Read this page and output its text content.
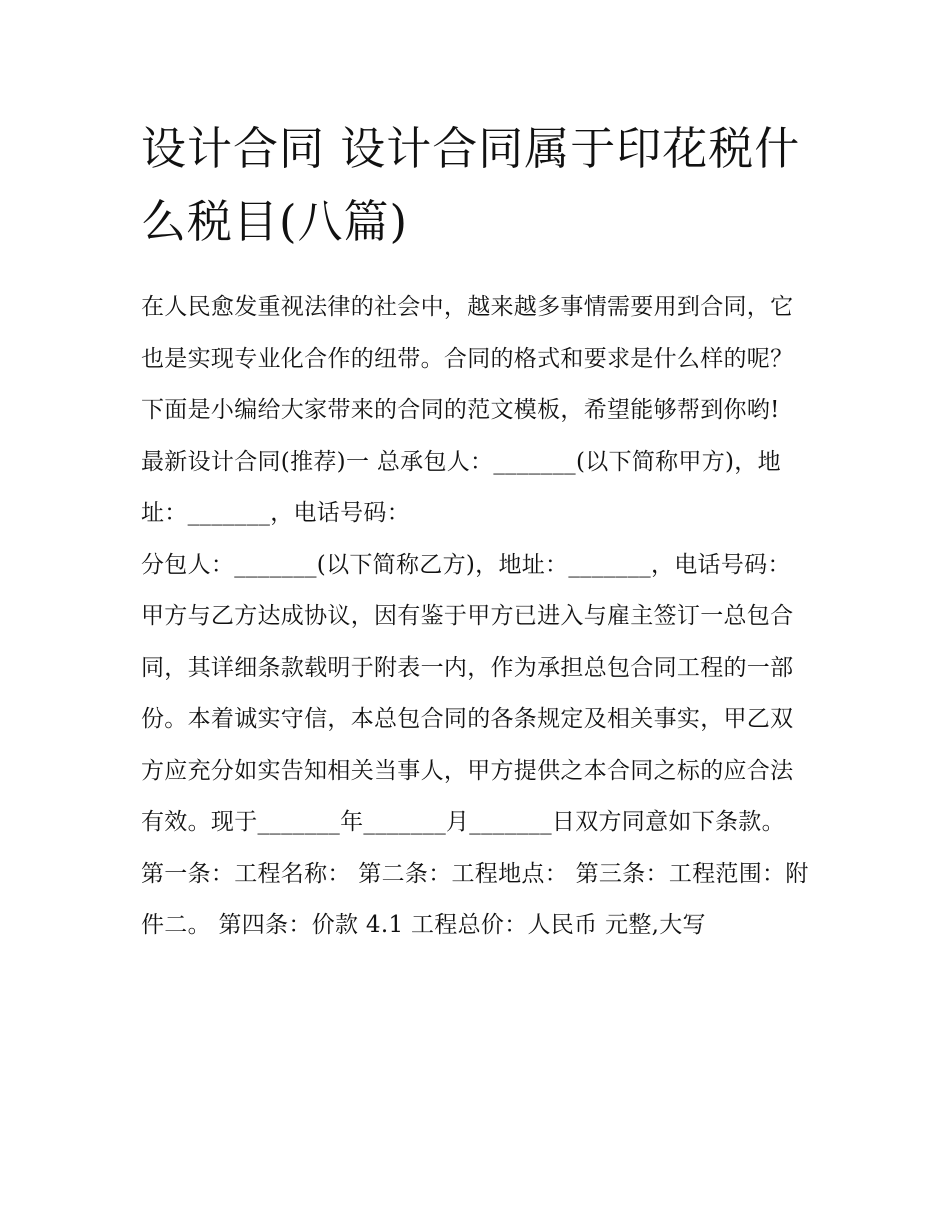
设计合同 设计合同属于印花税什么税目(八篇)

在人民愈发重视法律的社会中，越来越多事情需要用到合同，它也是实现专业化合作的纽带。合同的格式和要求是什么样的呢？下面是小编给大家带来的合同的范文模板，希望能够帮到你哟!

最新设计合同(推荐)一 总承包人：_______(以下简称甲方)，地址：_______，电话号码：

分包人：_______(以下简称乙方)，地址：_______，电话号码：

甲方与乙方达成协议，因有鉴于甲方已进入与雇主签订一总包合同，其详细条款载明于附表一内，作为承担总包合同工程的一部份。本着诚实守信，本总包合同的各条规定及相关事实，甲乙双方应充分如实告知相关当事人，甲方提供之本合同之标的应合法有效。现于_______年_______月_______日双方同意如下条款。

第一条：工程名称： 第二条：工程地点： 第三条：工程范围：附件二。 第四条：价款 4.1 工程总价：人民币 元整,大写
